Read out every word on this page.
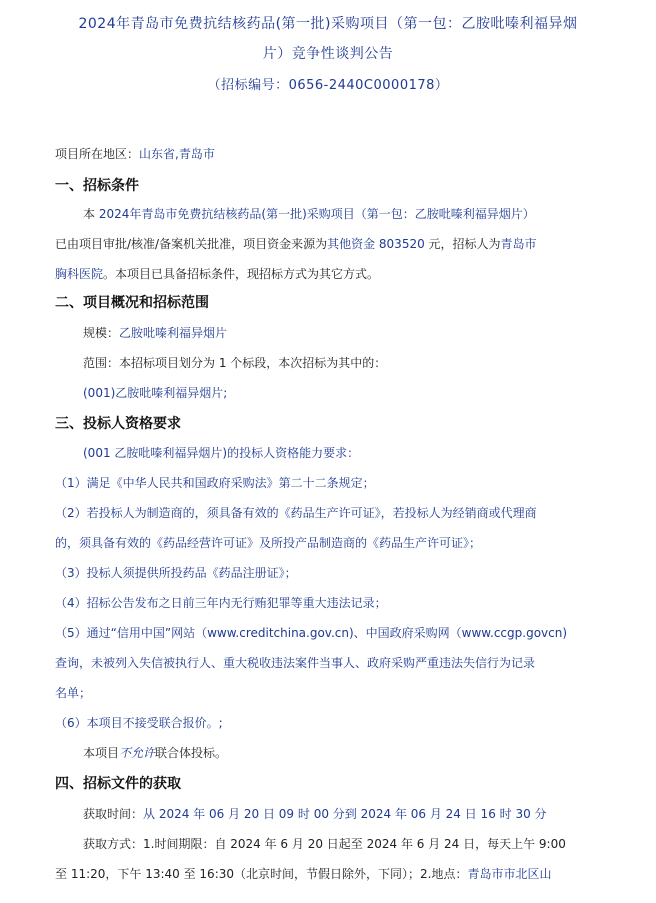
2024年青岛市免费抗结核药品(第一批)采购项目（第一包：乙胺吡嗪利福异烟
片）竞争性谈判公告
（招标编号：0656-2440C0000178）
项目所在地区：山东省,青岛市
一、招标条件
本 2024年青岛市免费抗结核药品(第一批)采购项目（第一包：乙胺吡嗪利福异烟片）
已由项目审批/核准/备案机关批准，项目资金来源为其他资金 803520 元，招标人为青岛市
胸科医院。本项目已具备招标条件，现招标方式为其它方式。
二、项目概况和招标范围
规模：乙胺吡嗪利福异烟片
范围：本招标项目划分为 1 个标段，本次招标为其中的：
(001)乙胺吡嗪利福异烟片;
三、投标人资格要求
(001 乙胺吡嗪利福异烟片)的投标人资格能力要求：
（1）满足《中华人民共和国政府采购法》第二十二条规定；
（2）若投标人为制造商的，须具备有效的《药品生产许可证》，若投标人为经销商或代理商
的，须具备有效的《药品经营许可证》及所投产品制造商的《药品生产许可证》；
（3）投标人须提供所投药品《药品注册证》；
（4）招标公告发布之日前三年内无行贿犯罪等重大违法记录；
（5）通过“信用中国”网站（www.creditchina.gov.cn)、中国政府采购网（www.ccgp.govcn)
查询，未被列入失信被执行人、重大税收违法案件当事人、政府采购严重违法失信行为记录
名单；
（6）本项目不接受联合报价。;
本项目不允许联合体投标。
四、招标文件的获取
获取时间：从 2024 年 06 月 20 日 09 时 00 分到 2024 年 06 月 24 日 16 时 30 分
获取方式：1.时间期限：自 2024 年 6 月 20 日起至 2024 年 6 月 24 日，每天上午 9:00
至 11:20，下午 13:40 至 16:30（北京时间，节假日除外，下同）；2.地点：青岛市市北区山
